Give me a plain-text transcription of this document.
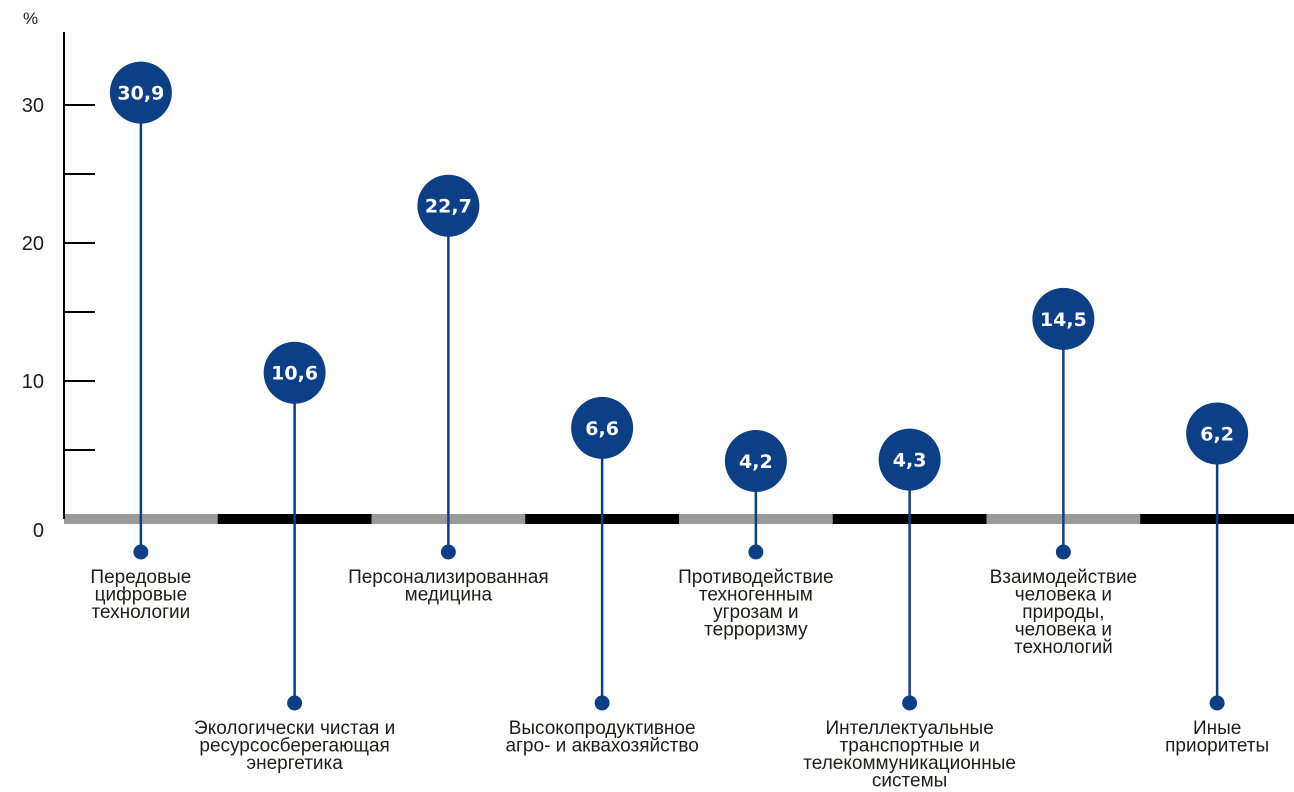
0
10
20
30
%
30,9
Передовые
цифровые
технологии
10,6
Экологически чистая и
ресурсосберегающая
энергетика
22,7
Персонализированная
медицина
6,6
Высокопродуктивное
агро- и аквахозяйство
4,2
Противодействие
техногенным
угрозам и
терроризму
4,3
Интеллектуальные
транспортные и
телекоммуникационные
системы
14,5
Взаимодействие
человека и
природы,
человека и
технологий
6,2
Иные
приоритеты
